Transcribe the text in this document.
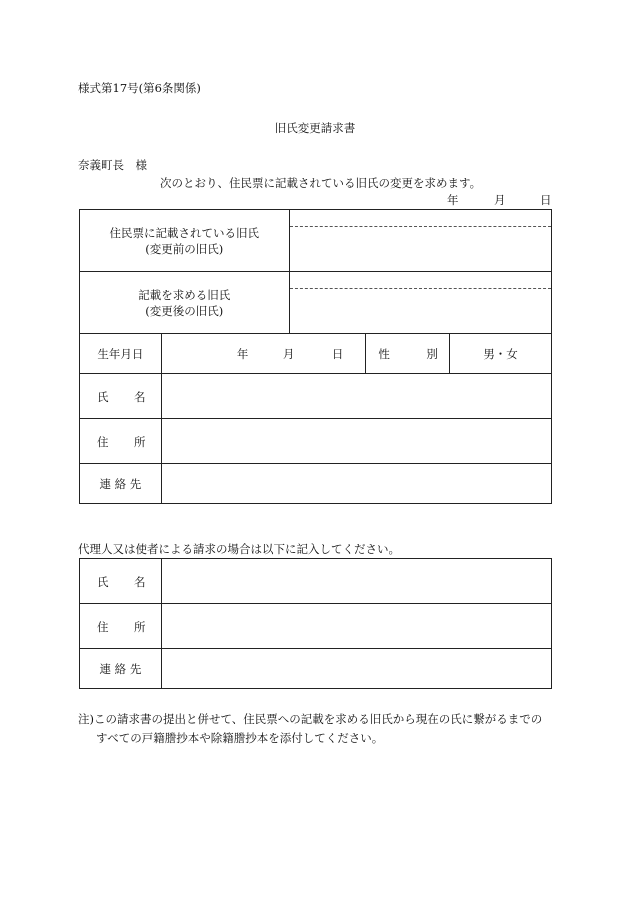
様式第17号(第6条関係)
旧氏変更請求書
奈義町長　様
次のとおり、住民票に記載されている旧氏の変更を求めます。
年	月	日
住民票に記載されている旧氏
(変更前の旧氏)				

記載を求める旧氏
(変更後の旧氏)				

生年月日	年 月 日		性 別	男・女

氏 名				

住 所				

連 絡 先				
代理人又は使者による請求の場合は以下に記入してください。
氏 名	

住 所	

連 絡 先	
注)この請求書の提出と併せて、住民票への記載を求める旧氏から現在の氏に繋がるまでの
すべての戸籍謄抄本や除籍謄抄本を添付してください。
